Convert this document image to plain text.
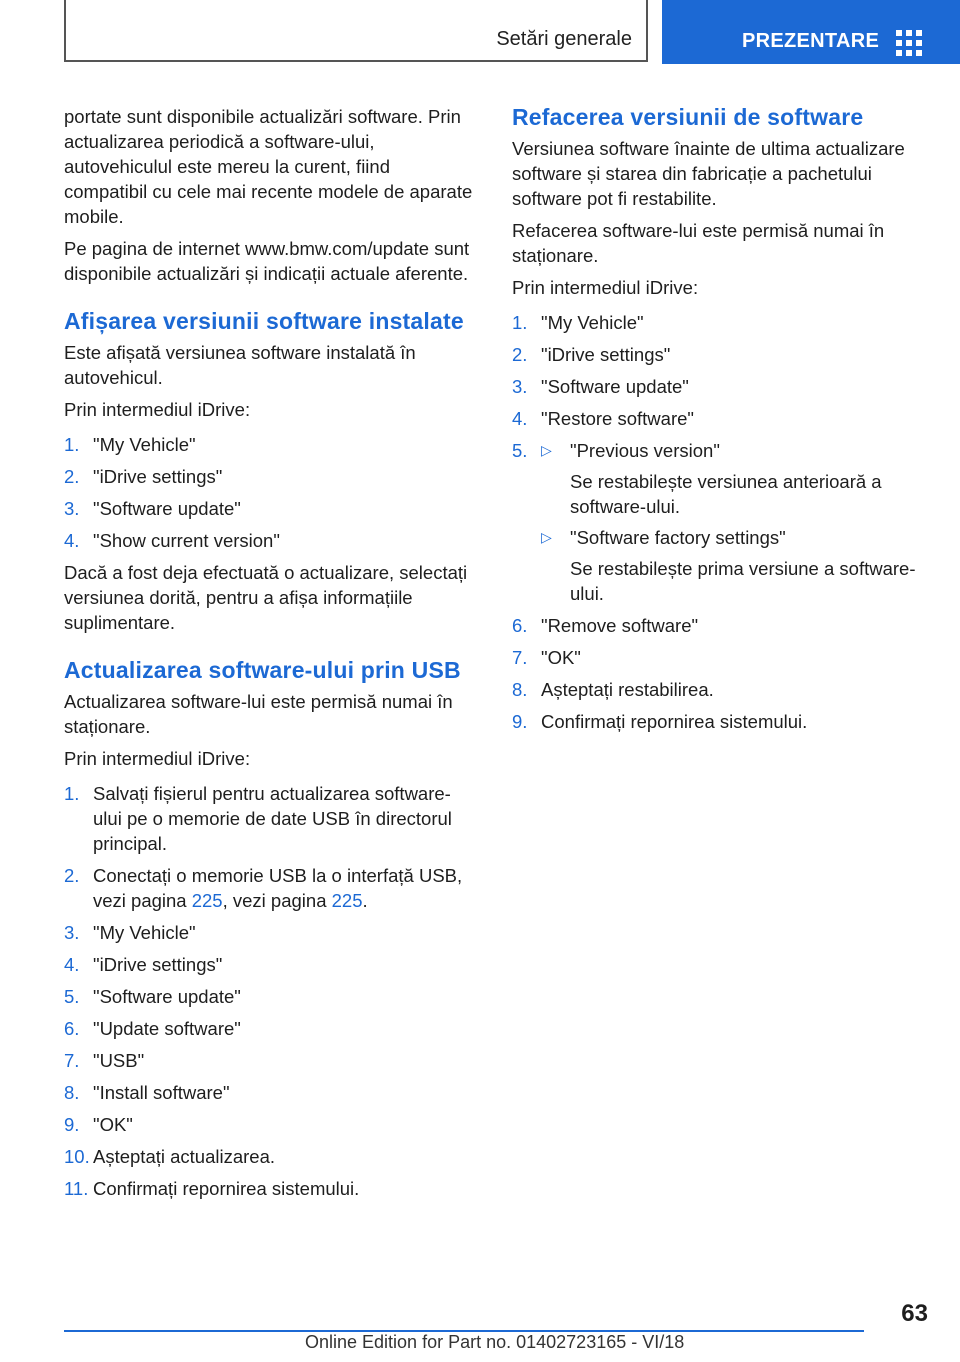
Setări generale	PREZENTARE

portate sunt disponibile actualizări software. Prin actualizarea periodică a software-ului, autovehiculul este mereu la curent, fiind compatibil cu cele mai recente modele de aparate mobile.

Pe pagina de internet www.bmw.com/update sunt disponibile actualizări și indicații actuale aferente.

Afișarea versiunii software instalate

Este afișată versiunea software instalată în autovehicul.

Prin intermediul iDrive:

1. "My Vehicle"
2. "iDrive settings"
3. "Software update"
4. "Show current version"

Dacă a fost deja efectuată o actualizare, selectați versiunea dorită, pentru a afișa informațiile suplimentare.

Actualizarea software-ului prin USB

Actualizarea software-lui este permisă numai în staționare.

Prin intermediul iDrive:

1. Salvați fișierul pentru actualizarea software-ului pe o memorie de date USB în directorul principal.
2. Conectați o memorie USB la o interfață USB, vezi pagina 225, vezi pagina 225.
3. "My Vehicle"
4. "iDrive settings"
5. "Software update"
6. "Update software"
7. "USB"
8. "Install software"
9. "OK"
10. Așteptați actualizarea.
11. Confirmați repornirea sistemului.
Refacerea versiunii de software

Versiunea software înainte de ultima actualizare software și starea din fabricație a pachetului software pot fi restabilite.

Refacerea software-lui este permisă numai în staționare.

Prin intermediul iDrive:

1. "My Vehicle"
2. "iDrive settings"
3. "Software update"
4. "Restore software"
5. ▷ "Previous version"
Se restabilește versiunea anterioară a software-ului.
▷ "Software factory settings"
Se restabilește prima versiune a software-ului.
6. "Remove software"
7. "OK"
8. Așteptați restabilirea.
9. Confirmați repornirea sistemului.
63
Online Edition for Part no. 01402723165 - VI/18
